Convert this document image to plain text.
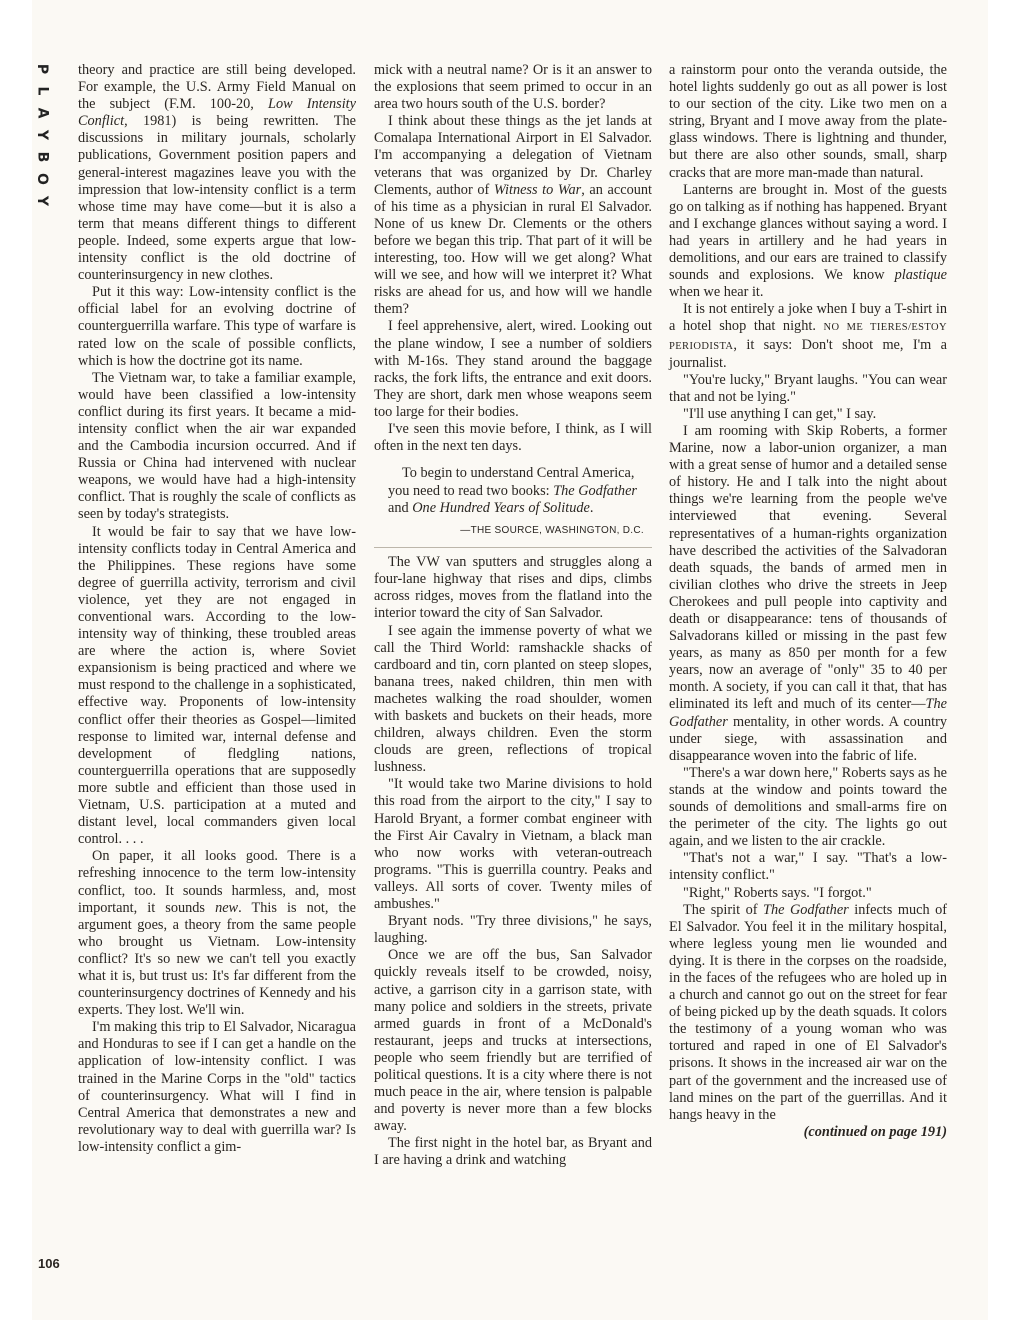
P
L
A
Y
B
O
Y

theory and practice are still being developed. For example, the U.S. Army Field Manual on the subject (F.M. 100-20, Low Intensity Conflict, 1981) is being rewritten. The discussions in military journals, scholarly publications, Government position papers and general-interest magazines leave you with the impression that low-intensity conflict is a term whose time may have come—but it is also a term that means different things to different people. Indeed, some experts argue that low-intensity conflict is the old doctrine of counterinsurgency in new clothes.

Put it this way: Low-intensity conflict is the official label for an evolving doctrine of counterguerrilla warfare. This type of warfare is rated low on the scale of possible conflicts, which is how the doctrine got its name.

The Vietnam war, to take a familiar example, would have been classified a low-intensity conflict during its first years. It became a mid-intensity conflict when the air war expanded and the Cambodia incursion occurred. And if Russia or China had intervened with nuclear weapons, we would have had a high-intensity conflict. That is roughly the scale of conflicts as seen by today's strategists.

It would be fair to say that we have low-intensity conflicts today in Central America and the Philippines. These regions have some degree of guerrilla activity, terrorism and civil violence, yet they are not engaged in conventional wars. According to the low-intensity way of thinking, these troubled areas are where the action is, where Soviet expansionism is being practiced and where we must respond to the challenge in a sophisticated, effective way. Proponents of low-intensity conflict offer their theories as Gospel—limited response to limited war, internal defense and development of fledgling nations, counterguerrilla operations that are supposedly more subtle and efficient than those used in Vietnam, U.S. participation at a muted and distant level, local commanders given local control. . . .

On paper, it all looks good. There is a refreshing innocence to the term low-intensity conflict, too. It sounds harmless, and, most important, it sounds new. This is not, the argument goes, a theory from the same people who brought us Vietnam. Low-intensity conflict? It's so new we can't tell you exactly what it is, but trust us: It's far different from the counterinsurgency doctrines of Kennedy and his experts. They lost. We'll win.

I'm making this trip to El Salvador, Nicaragua and Honduras to see if I can get a handle on the application of low-intensity conflict. I was trained in the Marine Corps in the "old" tactics of counterinsurgency. What will I find in Central America that demonstrates a new and revolutionary way to deal with guerrilla war? Is low-intensity conflict a gim-

mick with a neutral name? Or is it an answer to the explosions that seem primed to occur in an area two hours south of the U.S. border?

I think about these things as the jet lands at Comalapa International Airport in El Salvador. I'm accompanying a delegation of Vietnam veterans that was organized by Dr. Charley Clements, author of Witness to War, an account of his time as a physician in rural El Salvador. None of us knew Dr. Clements or the others before we began this trip. That part of it will be interesting, too. How will we get along? What will we see, and how will we interpret it? What risks are ahead for us, and how will we handle them?

I feel apprehensive, alert, wired. Looking out the plane window, I see a number of soldiers with M-16s. They stand around the baggage racks, the fork lifts, the entrance and exit doors. They are short, dark men whose weapons seem too large for their bodies.

I've seen this movie before, I think, as I will often in the next ten days.

To begin to understand Central America, you need to read two books: The Godfather and One Hundred Years of Solitude.

—THE SOURCE, WASHINGTON, D.C.

The VW van sputters and struggles along a four-lane highway that rises and dips, climbs across ridges, moves from the flatland into the interior toward the city of San Salvador.

I see again the immense poverty of what we call the Third World: ramshackle shacks of cardboard and tin, corn planted on steep slopes, banana trees, naked children, thin men with machetes walking the road shoulder, women with baskets and buckets on their heads, more children, always children. Even the storm clouds are green, reflections of tropical lushness.

"It would take two Marine divisions to hold this road from the airport to the city," I say to Harold Bryant, a former combat engineer with the First Air Cavalry in Vietnam, a black man who now works with veteran-outreach programs. "This is guerrilla country. Peaks and valleys. All sorts of cover. Twenty miles of ambushes."

Bryant nods. "Try three divisions," he says, laughing.

Once we are off the bus, San Salvador quickly reveals itself to be crowded, noisy, active, a garrison city in a garrison state, with many police and soldiers in the streets, private armed guards in front of a McDonald's restaurant, jeeps and trucks at intersections, people who seem friendly but are terrified of political questions. It is a city where there is not much peace in the air, where tension is palpable and poverty is never more than a few blocks away.

The first night in the hotel bar, as Bryant and I are having a drink and watching

a rainstorm pour onto the veranda outside, the hotel lights suddenly go out as all power is lost to our section of the city. Like two men on a string, Bryant and I move away from the plate-glass windows. There is lightning and thunder, but there are also other sounds, small, sharp cracks that are more man-made than natural.

Lanterns are brought in. Most of the guests go on talking as if nothing has happened. Bryant and I exchange glances without saying a word. I had years in artillery and he had years in demolitions, and our ears are trained to classify sounds and explosions. We know plastique when we hear it.

It is not entirely a joke when I buy a T-shirt in a hotel shop that night. NO ME TIERES/ESTOY PERIODISTA, it says: Don't shoot me, I'm a journalist.

"You're lucky," Bryant laughs. "You can wear that and not be lying."

"I'll use anything I can get," I say.

I am rooming with Skip Roberts, a former Marine, now a labor-union organizer, a man with a great sense of humor and a detailed sense of history. He and I talk into the night about things we're learning from the people we've interviewed that evening. Several representatives of a human-rights organization have described the activities of the Salvadoran death squads, the bands of armed men in civilian clothes who drive the streets in Jeep Cherokees and pull people into captivity and death or disappearance: tens of thousands of Salvadorans killed or missing in the past few years, as many as 850 per month for a few years, now an average of "only" 35 to 40 per month. A society, if you can call it that, that has eliminated its left and much of its center—The Godfather mentality, in other words. A country under siege, with assassination and disappearance woven into the fabric of life.

"There's a war down here," Roberts says as he stands at the window and points toward the sounds of demolitions and small-arms fire on the perimeter of the city. The lights go out again, and we listen to the air crackle.

"That's not a war," I say. "That's a low-intensity conflict."

"Right," Roberts says. "I forgot."

The spirit of The Godfather infects much of El Salvador. You feel it in the military hospital, where legless young men lie wounded and dying. It is there in the corpses on the roadside, in the faces of the refugees who are holed up in a church and cannot go out on the street for fear of being picked up by the death squads. It colors the testimony of a young woman who was tortured and raped in one of El Salvador's prisons. It shows in the increased air war on the part of the government and the increased use of land mines on the part of the guerrillas. And it hangs heavy in the

(continued on page 191)

106
